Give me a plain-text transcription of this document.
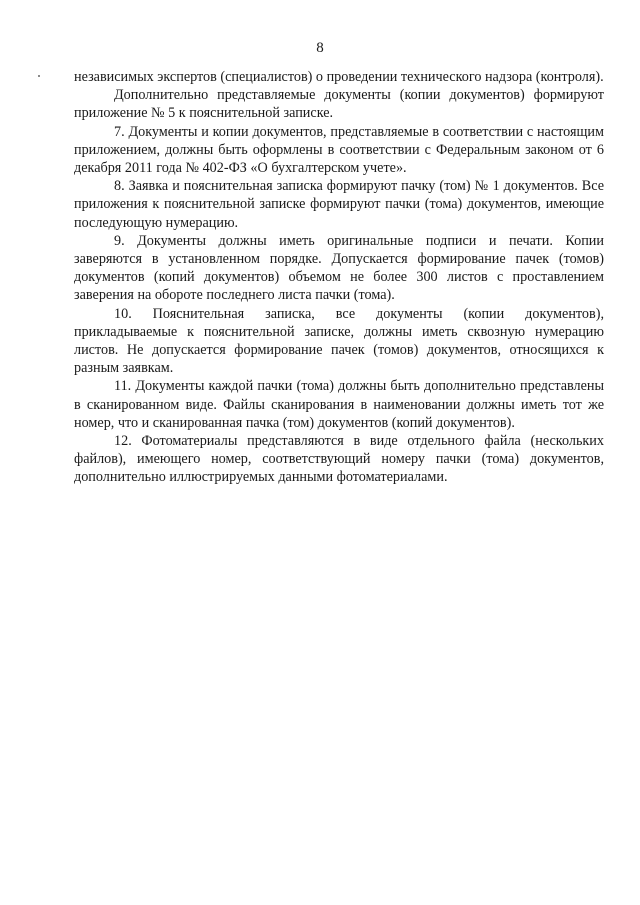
8

независимых экспертов (специалистов) о проведении технического надзора (контроля).

Дополнительно представляемые документы (копии документов) формируют приложение № 5 к пояснительной записке.

7. Документы и копии документов, представляемые в соответствии с настоящим приложением, должны быть оформлены в соответствии с Федеральным законом от 6 декабря 2011 года № 402-ФЗ «О бухгалтерском учете».

8. Заявка и пояснительная записка формируют пачку (том) № 1 документов. Все приложения к пояснительной записке формируют пачки (тома) документов, имеющие последующую нумерацию.

9. Документы должны иметь оригинальные подписи и печати. Копии заверяются в установленном порядке. Допускается формирование пачек (томов) документов (копий документов) объемом не более 300 листов с проставлением заверения на обороте последнего листа пачки (тома).

10. Пояснительная записка, все документы (копии документов), прикладываемые к пояснительной записке, должны иметь сквозную нумерацию листов. Не допускается формирование пачек (томов) документов, относящихся к разным заявкам.

11. Документы каждой пачки (тома) должны быть дополнительно представлены в сканированном виде. Файлы сканирования в наименовании должны иметь тот же номер, что и сканированная пачка (том) документов (копий документов).

12. Фотоматериалы представляются в виде отдельного файла (нескольких файлов), имеющего номер, соответствующий номеру пачки (тома) документов, дополнительно иллюстрируемых данными фотоматериалами.
